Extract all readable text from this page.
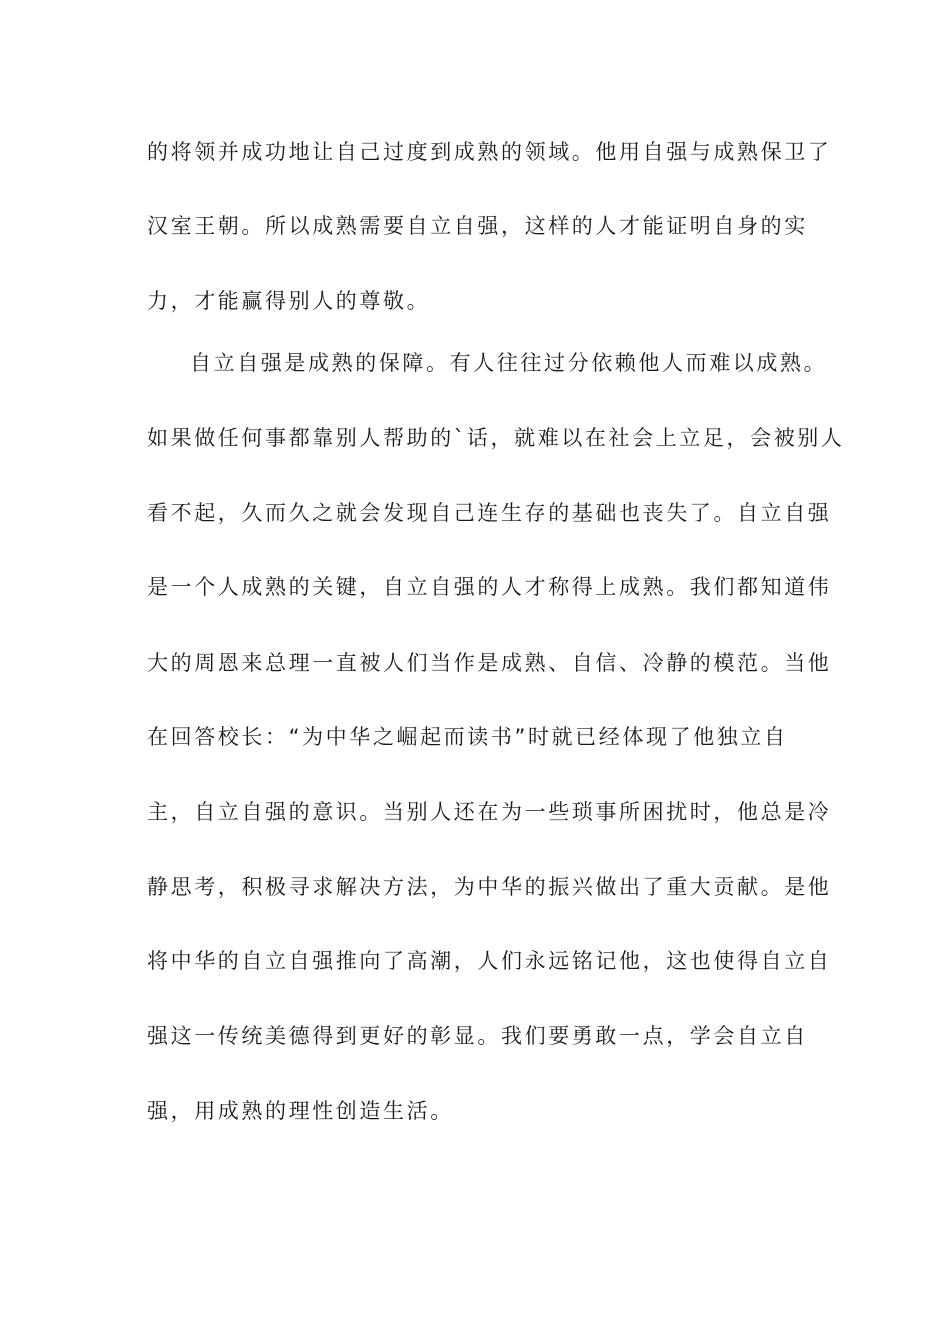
的将领并成功地让自己过度到成熟的领域。他用自强与成熟保卫了

汉室王朝。所以成熟需要自立自强，这样的人才能证明自身的实

力，才能赢得别人的尊敬。

自立自强是成熟的保障。有人往往过分依赖他人而难以成熟。

如果做任何事都靠别人帮助的`话，就难以在社会上立足，会被别人

看不起，久而久之就会发现自己连生存的基础也丧失了。自立自强

是一个人成熟的关键，自立自强的人才称得上成熟。我们都知道伟

大的周恩来总理一直被人们当作是成熟、自信、冷静的模范。当他

在回答校长：“为中华之崛起而读书”时就已经体现了他独立自

主，自立自强的意识。当别人还在为一些琐事所困扰时，他总是冷

静思考，积极寻求解决方法，为中华的振兴做出了重大贡献。是他

将中华的自立自强推向了高潮，人们永远铭记他，这也使得自立自

强这一传统美德得到更好的彰显。我们要勇敢一点，学会自立自

强，用成熟的理性创造生活。
